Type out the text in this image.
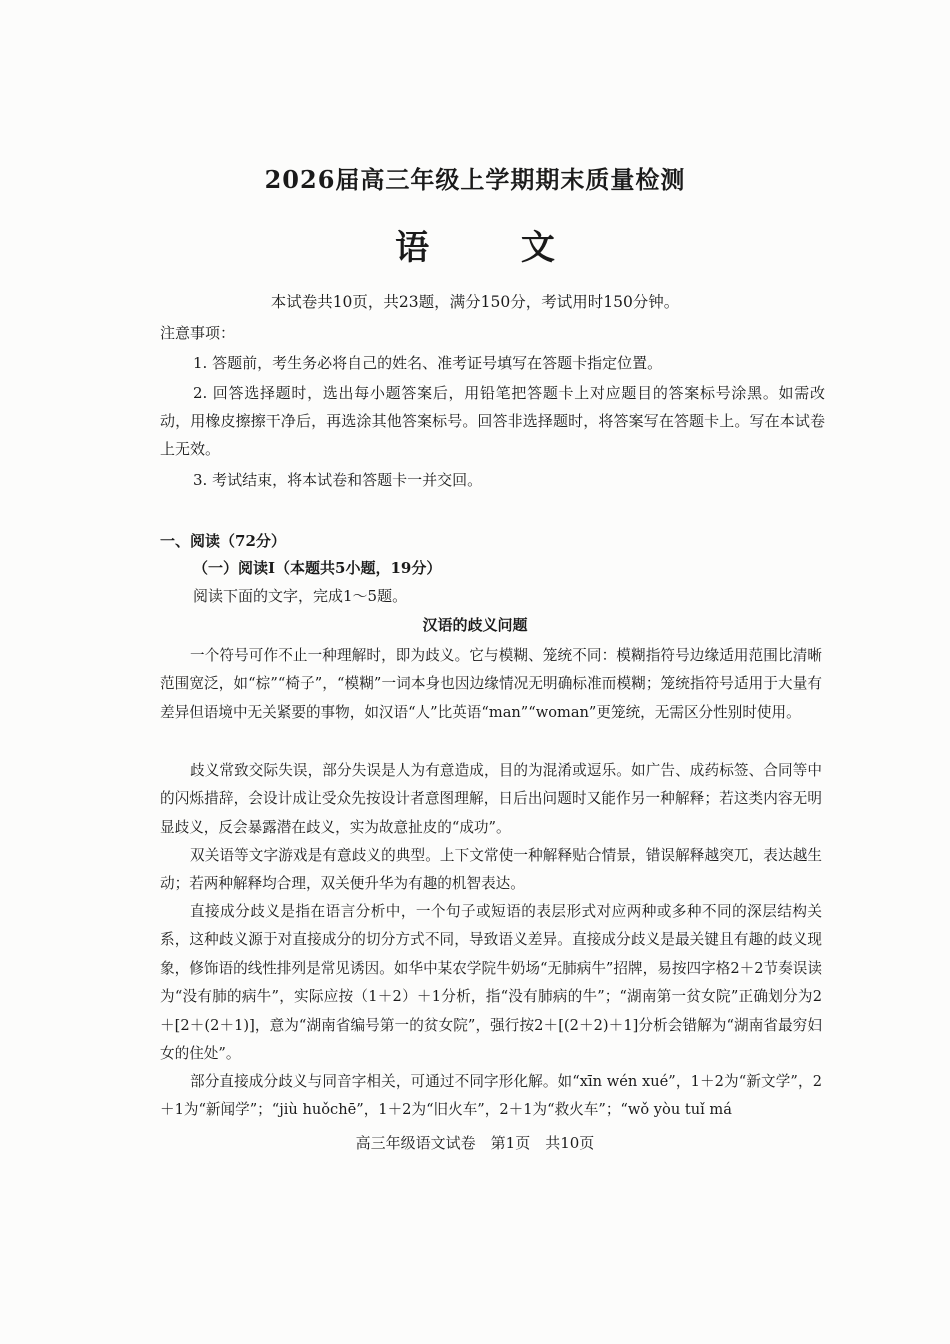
2026届高三年级上学期期末质量检测
语 文
本试卷共10页，共23题，满分150分，考试用时150分钟。
注意事项：
1. 答题前，考生务必将自己的姓名、准考证号填写在答题卡指定位置。
2. 回答选择题时，选出每小题答案后，用铅笔把答题卡上对应题目的答案标号涂黑。如需改动，用橡皮擦擦干净后，再选涂其他答案标号。回答非选择题时，将答案写在答题卡上。写在本试卷上无效。
3. 考试结束，将本试卷和答题卡一并交回。
一、阅读（72分）
（一）阅读Ⅰ（本题共5小题，19分）
阅读下面的文字，完成1～5题。
汉语的歧义问题
一个符号可作不止一种理解时，即为歧义。它与模糊、笼统不同：模糊指符号边缘适用范围比清晰范围宽泛，如“棕”“椅子”，“模糊”一词本身也因边缘情况无明确标准而模糊；笼统指符号适用于大量有差异但语境中无关紧要的事物，如汉语“人”比英语“man”“woman”更笼统，无需区分性别时使用。
歧义常致交际失误，部分失误是人为有意造成，目的为混淆或逗乐。如广告、成药标签、合同等中的闪烁措辞，会设计成让受众先按设计者意图理解，日后出问题时又能作另一种解释；若这类内容无明显歧义，反会暴露潜在歧义，实为故意扯皮的“成功”。
双关语等文字游戏是有意歧义的典型。上下文常使一种解释贴合情景，错误解释越突兀，表达越生动；若两种解释均合理，双关便升华为有趣的机智表达。
直接成分歧义是指在语言分析中，一个句子或短语的表层形式对应两种或多种不同的深层结构关系，这种歧义源于对直接成分的切分方式不同，导致语义差异。直接成分歧义是最关键且有趣的歧义现象，修饰语的线性排列是常见诱因。如华中某农学院牛奶场“无肺病牛”招牌，易按四字格2＋2节奏误读为“没有肺的病牛”，实际应按（1＋2）＋1分析，指“没有肺病的牛”；“湖南第一贫女院”正确划分为2＋[2＋(2＋1)]，意为“湖南省编号第一的贫女院”，强行按2＋[(2＋2)＋1]分析会错解为“湖南省最穷妇女的住处”。
部分直接成分歧义与同音字相关，可通过不同字形化解。如“xīn wén xué”，1＋2为“新文学”，2＋1为“新闻学”；“jiù huǒchē”，1＋2为“旧火车”，2＋1为“救火车”；“wǒ yòu tuǐ má
高三年级语文试卷　第1页　共10页
